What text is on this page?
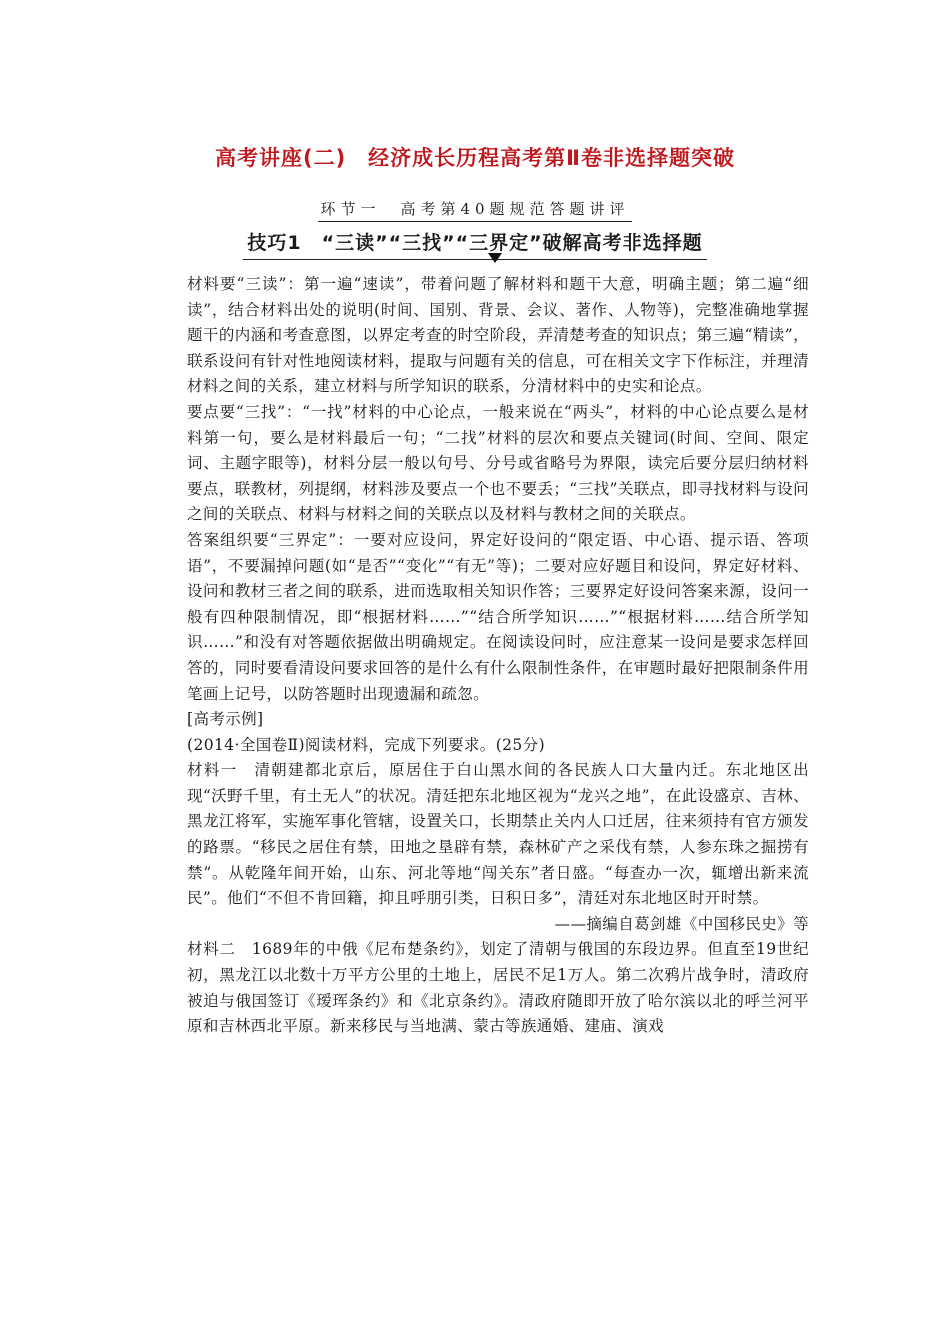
高考讲座(二)　经济成长历程高考第Ⅱ卷非选择题突破
环节一　高考第40题规范答题讲评
技巧1　“三读”“三找”“三界定”破解高考非选择题

材料要“三读”：第一遍“速读”，带着问题了解材料和题干大意，明确主题；第二遍“细读”，结合材料出处的说明(时间、国别、背景、会议、著作、人物等)，完整准确地掌握题干的内涵和考查意图，以界定考查的时空阶段，弄清楚考查的知识点；第三遍“精读”，联系设问有针对性地阅读材料，提取与问题有关的信息，可在相关文字下作标注，并理清材料之间的关系，建立材料与所学知识的联系，分清材料中的史实和论点。

要点要“三找”：“一找”材料的中心论点，一般来说在“两头”，材料的中心论点要么是材料第一句，要么是材料最后一句；“二找”材料的层次和要点关键词(时间、空间、限定词、主题字眼等)，材料分层一般以句号、分号或省略号为界限，读完后要分层归纳材料要点，联教材，列提纲，材料涉及要点一个也不要丢；“三找”关联点，即寻找材料与设问之间的关联点、材料与材料之间的关联点以及材料与教材之间的关联点。

答案组织要“三界定”：一要对应设问，界定好设问的“限定语、中心语、提示语、答项语”，不要漏掉问题(如“是否”“变化”“有无”等)；二要对应好题目和设问，界定好材料、设问和教材三者之间的联系，进而选取相关知识作答；三要界定好设问答案来源，设问一般有四种限制情况，即“根据材料……”“结合所学知识……”“根据材料……结合所学知识……”和没有对答题依据做出明确规定。在阅读设问时，应注意某一设问是要求怎样回答的，同时要看清设问要求回答的是什么有什么限制性条件，在审题时最好把限制条件用笔画上记号，以防答题时出现遗漏和疏忽。

[高考示例]

(2014·全国卷Ⅱ)阅读材料，完成下列要求。(25分)

材料一　清朝建都北京后，原居住于白山黑水间的各民族人口大量内迁。东北地区出现“沃野千里，有土无人”的状况。清廷把东北地区视为“龙兴之地”，在此设盛京、吉林、黑龙江将军，实施军事化管辖，设置关口，长期禁止关内人口迁居，往来须持有官方颁发的路票。“移民之居住有禁，田地之垦辟有禁，森林矿产之采伐有禁，人参东珠之掘捞有禁”。从乾隆年间开始，山东、河北等地“闯关东”者日盛。“每查办一次，辄增出新来流民”。他们“不但不肯回籍，抑且呼朋引类，日积日多”，清廷对东北地区时开时禁。

——摘编自葛剑雄《中国移民史》等

材料二　1689年的中俄《尼布楚条约》，划定了清朝与俄国的东段边界。但直至19世纪初，黑龙江以北数十万平方公里的土地上，居民不足1万人。第二次鸦片战争时，清政府被迫与俄国签订《瑷珲条约》和《北京条约》。清政府随即开放了哈尔滨以北的呼兰河平原和吉林西北平原。新来移民与当地满、蒙古等族通婚、建庙、演戏
